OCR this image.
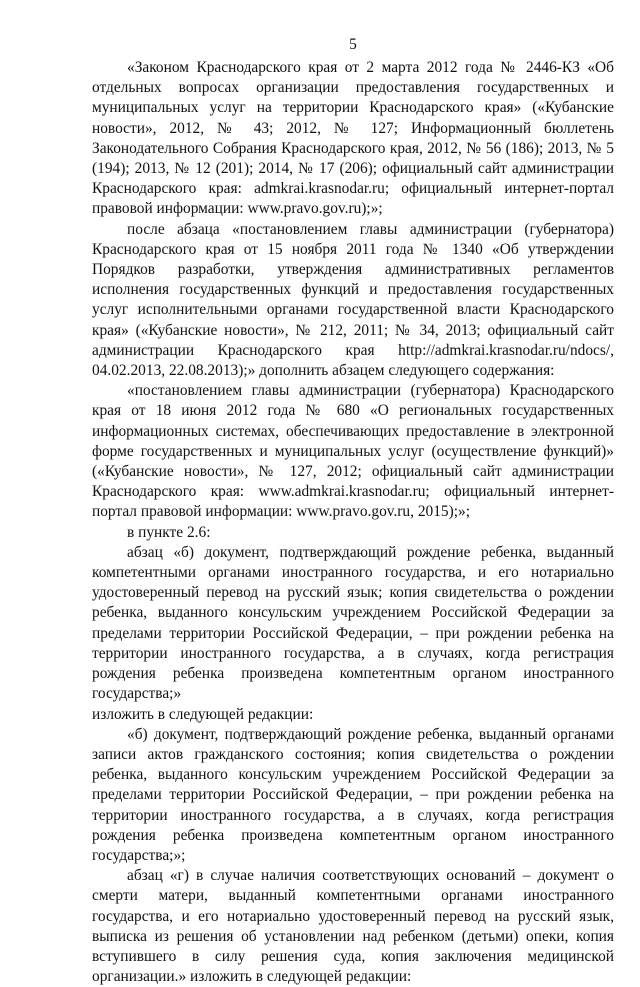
5

«Законом Краснодарского края от 2 марта 2012 года № 2446-КЗ «Об отдельных вопросах организации предоставления государственных и муниципальных услуг на территории Краснодарского края» («Кубанские новости», 2012, № 43; 2012, № 127; Информационный бюллетень Законодательного Собрания Краснодарского края, 2012, № 56 (186); 2013, № 5 (194); 2013, № 12 (201); 2014, № 17 (206); официальный сайт администрации Краснодарского края: admkrai.krasnodar.ru; официальный интернет-портал правовой информации: www.pravo.gov.ru);»;

после абзаца «постановлением главы администрации (губернатора) Краснодарского края от 15 ноября 2011 года № 1340 «Об утверждении Порядков разработки, утверждения административных регламентов исполнения государственных функций и предоставления государственных услуг исполнительными органами государственной власти Краснодарского края» («Кубанские новости», № 212, 2011; № 34, 2013; официальный сайт администрации Краснодарского края http://admkrai.krasnodar.ru/ndocs/, 04.02.2013, 22.08.2013);» дополнить абзацем следующего содержания:

«постановлением главы администрации (губернатора) Краснодарского края от 18 июня 2012 года № 680 «О региональных государственных информационных системах, обеспечивающих предоставление в электронной форме государственных и муниципальных услуг (осуществление функций)» («Кубанские новости», № 127, 2012; официальный сайт администрации Краснодарского края: www.admkrai.krasnodar.ru; официальный интернет-портал правовой информации: www.pravo.gov.ru, 2015);»;

в пункте 2.6:

абзац «б) документ, подтверждающий рождение ребенка, выданный компетентными органами иностранного государства, и его нотариально удостоверенный перевод на русский язык; копия свидетельства о рождении ребенка, выданного консульским учреждением Российской Федерации за пределами территории Российской Федерации, – при рождении ребенка на территории иностранного государства, а в случаях, когда регистрация рождения ребенка произведена компетентным органом иностранного государства;»

изложить в следующей редакции:

«б) документ, подтверждающий рождение ребенка, выданный органами записи актов гражданского состояния; копия свидетельства о рождении ребенка, выданного консульским учреждением Российской Федерации за пределами территории Российской Федерации, – при рождении ребенка на территории иностранного государства, а в случаях, когда регистрация рождения ребенка произведена компетентным органом иностранного государства;»;

абзац «г) в случае наличия соответствующих оснований – документ о смерти матери, выданный компетентными органами иностранного государства, и его нотариально удостоверенный перевод на русский язык, выписка из решения об установлении над ребенком (детьми) опеки, копия вступившего в силу решения суда, копия заключения медицинской организации.» изложить в следующей редакции:
